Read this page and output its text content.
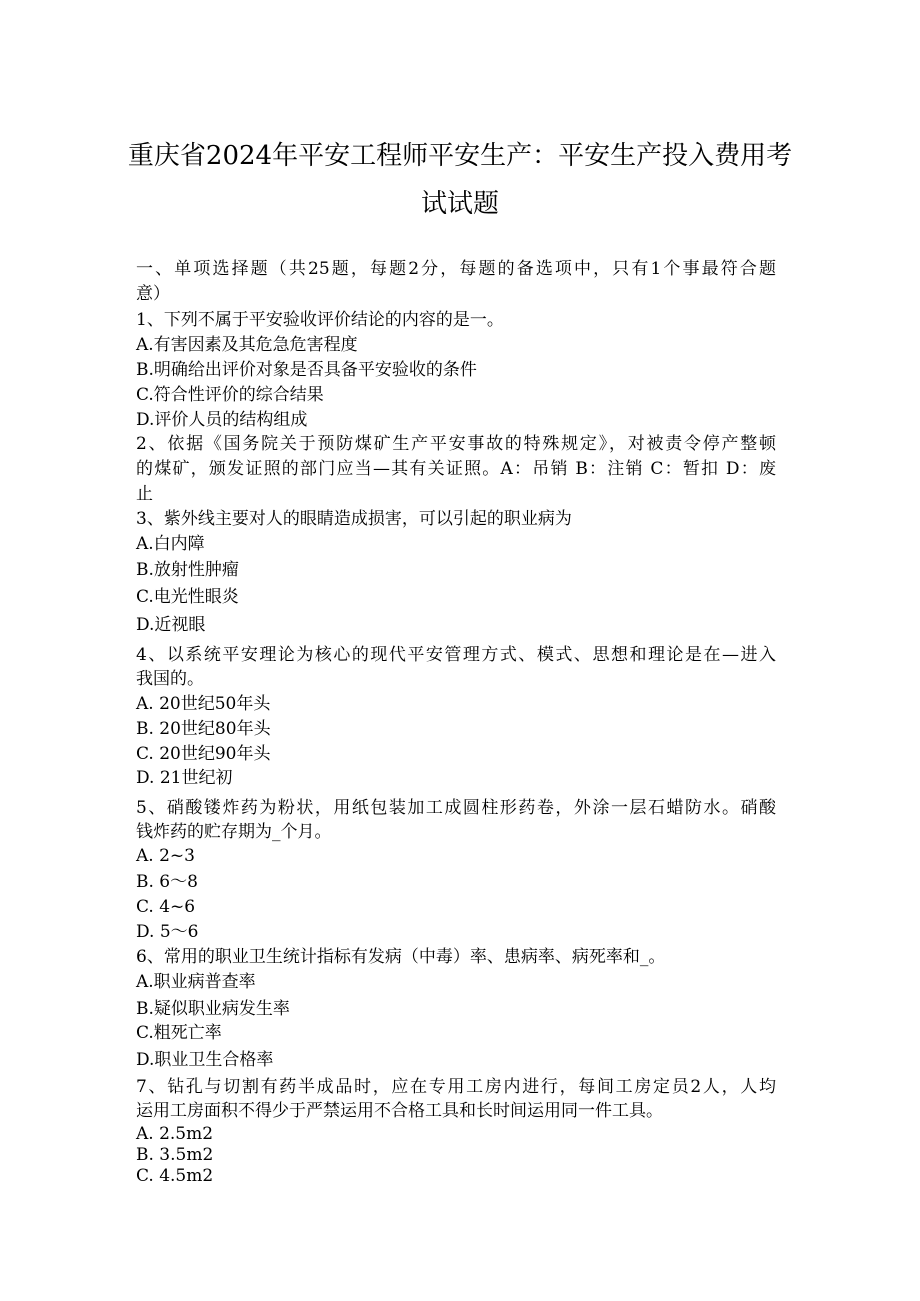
重庆省2024年平安工程师平安生产：平安生产投入费用考
试试题
一、单项选择题（共25题，每题2分，每题的备选项中，只有1个事最符合题
意）
1、下列不属于平安验收评价结论的内容的是一。
A.有害因素及其危急危害程度
B.明确给出评价对象是否具备平安验收的条件
C.符合性评价的综合结果
D.评价人员的结构组成
2、依据《国务院关于预防煤矿生产平安事故的特殊规定》，对被责令停产整顿
的煤矿，颁发证照的部门应当—其有关证照。A：吊销 B：注销 C：暂扣 D：废
止
3、紫外线主要对人的眼睛造成损害，可以引起的职业病为
A.白内障
B.放射性肿瘤
C.电光性眼炎
D.近视眼
4、以系统平安理论为核心的现代平安管理方式、模式、思想和理论是在—进入
我国的。
A. 20世纪50年头
B. 20世纪80年头
C. 20世纪90年头
D. 21世纪初
5、硝酸镂炸药为粉状，用纸包装加工成圆柱形药卷，外涂一层石蜡防水。硝酸
钱炸药的贮存期为_个月。
A. 2~3
B. 6〜8
C. 4~6
D. 5〜6
6、常用的职业卫生统计指标有发病（中毒）率、患病率、病死率和_。
A.职业病普查率
B.疑似职业病发生率
C.粗死亡率
D.职业卫生合格率
7、钻孔与切割有药半成品时，应在专用工房内进行，每间工房定员2人，人均
运用工房面积不得少于严禁运用不合格工具和长时间运用同一件工具。
A. 2.5m2
B. 3.5m2
C. 4.5m2
